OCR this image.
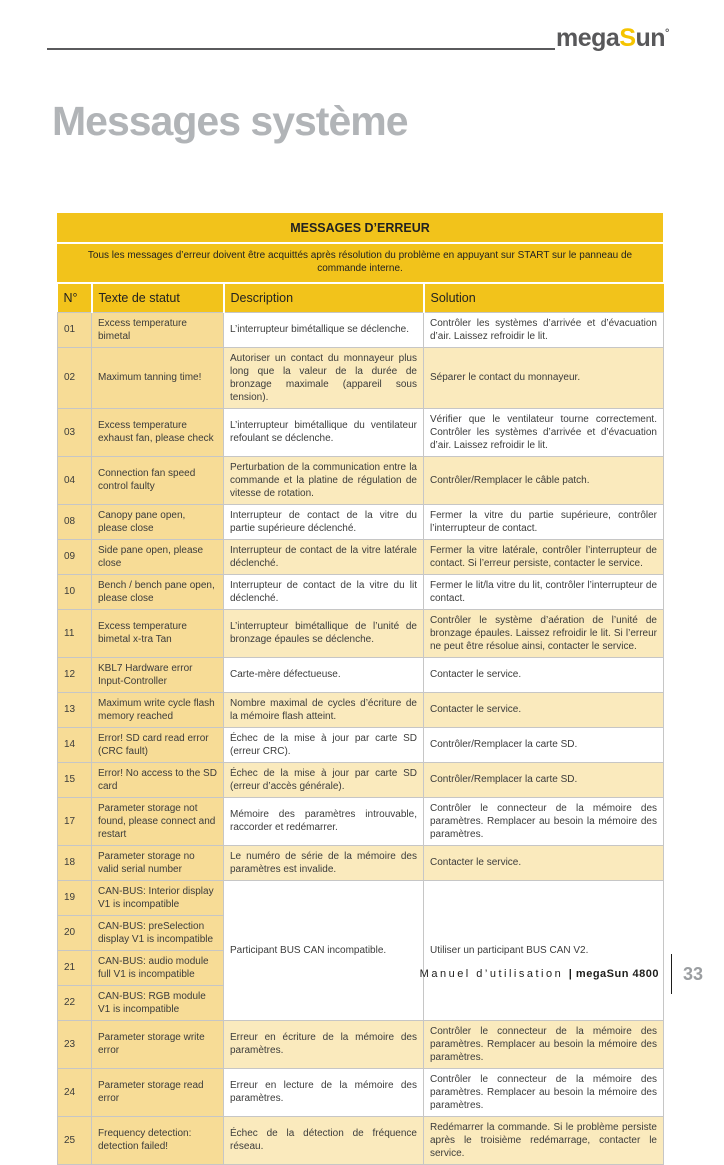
megaSun°
Messages système
MESSAGES D’ERREUR
Tous les messages d’erreur doivent être acquittés après résolution du problème en appuyant sur START sur le panneau de commande interne.
N°	Texte de statut	Description	Solution
01	Excess temperature bimetal	L’interrupteur bimétallique se déclenche.	Contrôler les systèmes d’arrivée et d’évacuation d’air. Laissez refroidir le lit.
02	Maximum tanning time!	Autoriser un contact du monnayeur plus long que la valeur de la durée de bronzage maximale (appareil sous tension).	Séparer le contact du monnayeur.
03	Excess temperature exhaust fan, please check	L’interrupteur bimétallique du ventilateur refoulant se déclenche.	Vérifier que le ventilateur tourne correctement. Contrôler les systèmes d’arrivée et d’évacuation d’air. Laissez refroidir le lit.
04	Connection fan speed control faulty	Perturbation de la communication entre la commande et la platine de régulation de vitesse de rotation.	Contrôler/Remplacer le câble patch.
08	Canopy pane open, please close	Interrupteur de contact de la vitre du partie supérieure déclenché.	Fermer la vitre du partie supérieure, contrôler l’interrupteur de contact.
09	Side pane open, please close	Interrupteur de contact de la vitre latérale déclenché.	Fermer la vitre latérale, contrôler l’interrupteur de contact. Si l’erreur persiste, contacter le service.
10	Bench / bench pane open, please close	Interrupteur de contact de la vitre du lit déclenché.	Fermer le lit/la vitre du lit, contrôler l’interrupteur de contact.
11	Excess temperature bimetal x-tra Tan	L’interrupteur bimétallique de l’unité de bronzage épaules se déclenche.	Contrôler le système d’aération de l’unité de bronzage épaules. Laissez refroidir le lit. Si l’erreur ne peut être résolue ainsi, contacter le service.
12	KBL7 Hardware error Input-Controller	Carte-mère défectueuse.	Contacter le service.
13	Maximum write cycle flash memory reached	Nombre maximal de cycles d’écriture de la mémoire flash atteint.	Contacter le service.
14	Error! SD card read error (CRC fault)	Échec de la mise à jour par carte SD (erreur CRC).	Contrôler/Remplacer la carte SD.
15	Error! No access to the SD card	Échec de la mise à jour par carte SD (erreur d’accès générale).	Contrôler/Remplacer la carte SD.
17	Parameter storage not found, please connect and restart	Mémoire des paramètres introuvable, raccorder et redémarrer.	Contrôler le connecteur de la mémoire des paramètres. Remplacer au besoin la mémoire des paramètres.
18	Parameter storage no valid serial number	Le numéro de série de la mémoire des paramètres est invalide.	Contacter le service.
19	CAN-BUS: Interior display V1 is incompatible	Participant BUS CAN incompatible.	Utiliser un participant BUS CAN V2.
20	CAN-BUS: preSelection display V1 is incompatible		
21	CAN-BUS: audio module full V1 is incompatible		
22	CAN-BUS: RGB module V1 is incompatible		
23	Parameter storage write error	Erreur en écriture de la mémoire des paramètres.	Contrôler le connecteur de la mémoire des paramètres. Remplacer au besoin la mémoire des paramètres.
24	Parameter storage read error	Erreur en lecture de la mémoire des paramètres.	Contrôler le connecteur de la mémoire des paramètres. Remplacer au besoin la mémoire des paramètres.
25	Frequency detection: detection failed!	Échec de la détection de fréquence réseau.	Redémarrer la commande. Si le problème persiste après le troisième redémarrage, contacter le service.
Manuel d’utilisation | megaSun 4800 33
